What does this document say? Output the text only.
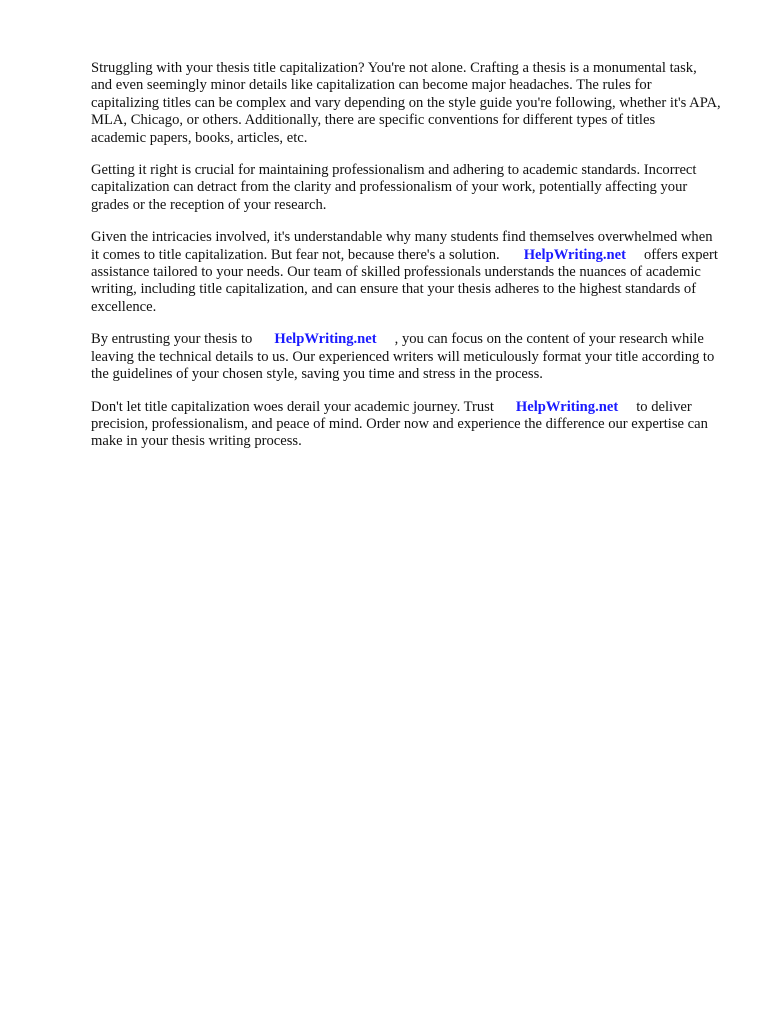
Struggling with your thesis title capitalization? You're not alone. Crafting a thesis is a monumental task, and even seemingly minor details like capitalization can become major headaches. The rules for capitalizing titles can be complex and vary depending on the style guide you're following, whether it's APA, MLA, Chicago, or others. Additionally, there are specific conventions for different types of titlesacademic papers, books, articles, etc.

Getting it right is crucial for maintaining professionalism and adhering to academic standards. Incorrect capitalization can detract from the clarity and professionalism of your work, potentially affecting your grades or the reception of your research.

Given the intricacies involved, it's understandable why many students find themselves overwhelmed when it comes to title capitalization. But fear not, because there's a solution. HelpWriting.net offers expert assistance tailored to your needs. Our team of skilled professionals understands the nuances of academic writing, including title capitalization, and can ensure that your thesis adheres to the highest standards of excellence.

By entrusting your thesis to HelpWriting.net , you can focus on the content of your research while leaving the technical details to us. Our experienced writers will meticulously format your title according to the guidelines of your chosen style, saving you time and stress in the process.

Don't let title capitalization woes derail your academic journey. Trust HelpWriting.net to deliver precision, professionalism, and peace of mind. Order now and experience the difference our expertise can make in your thesis writing process.
